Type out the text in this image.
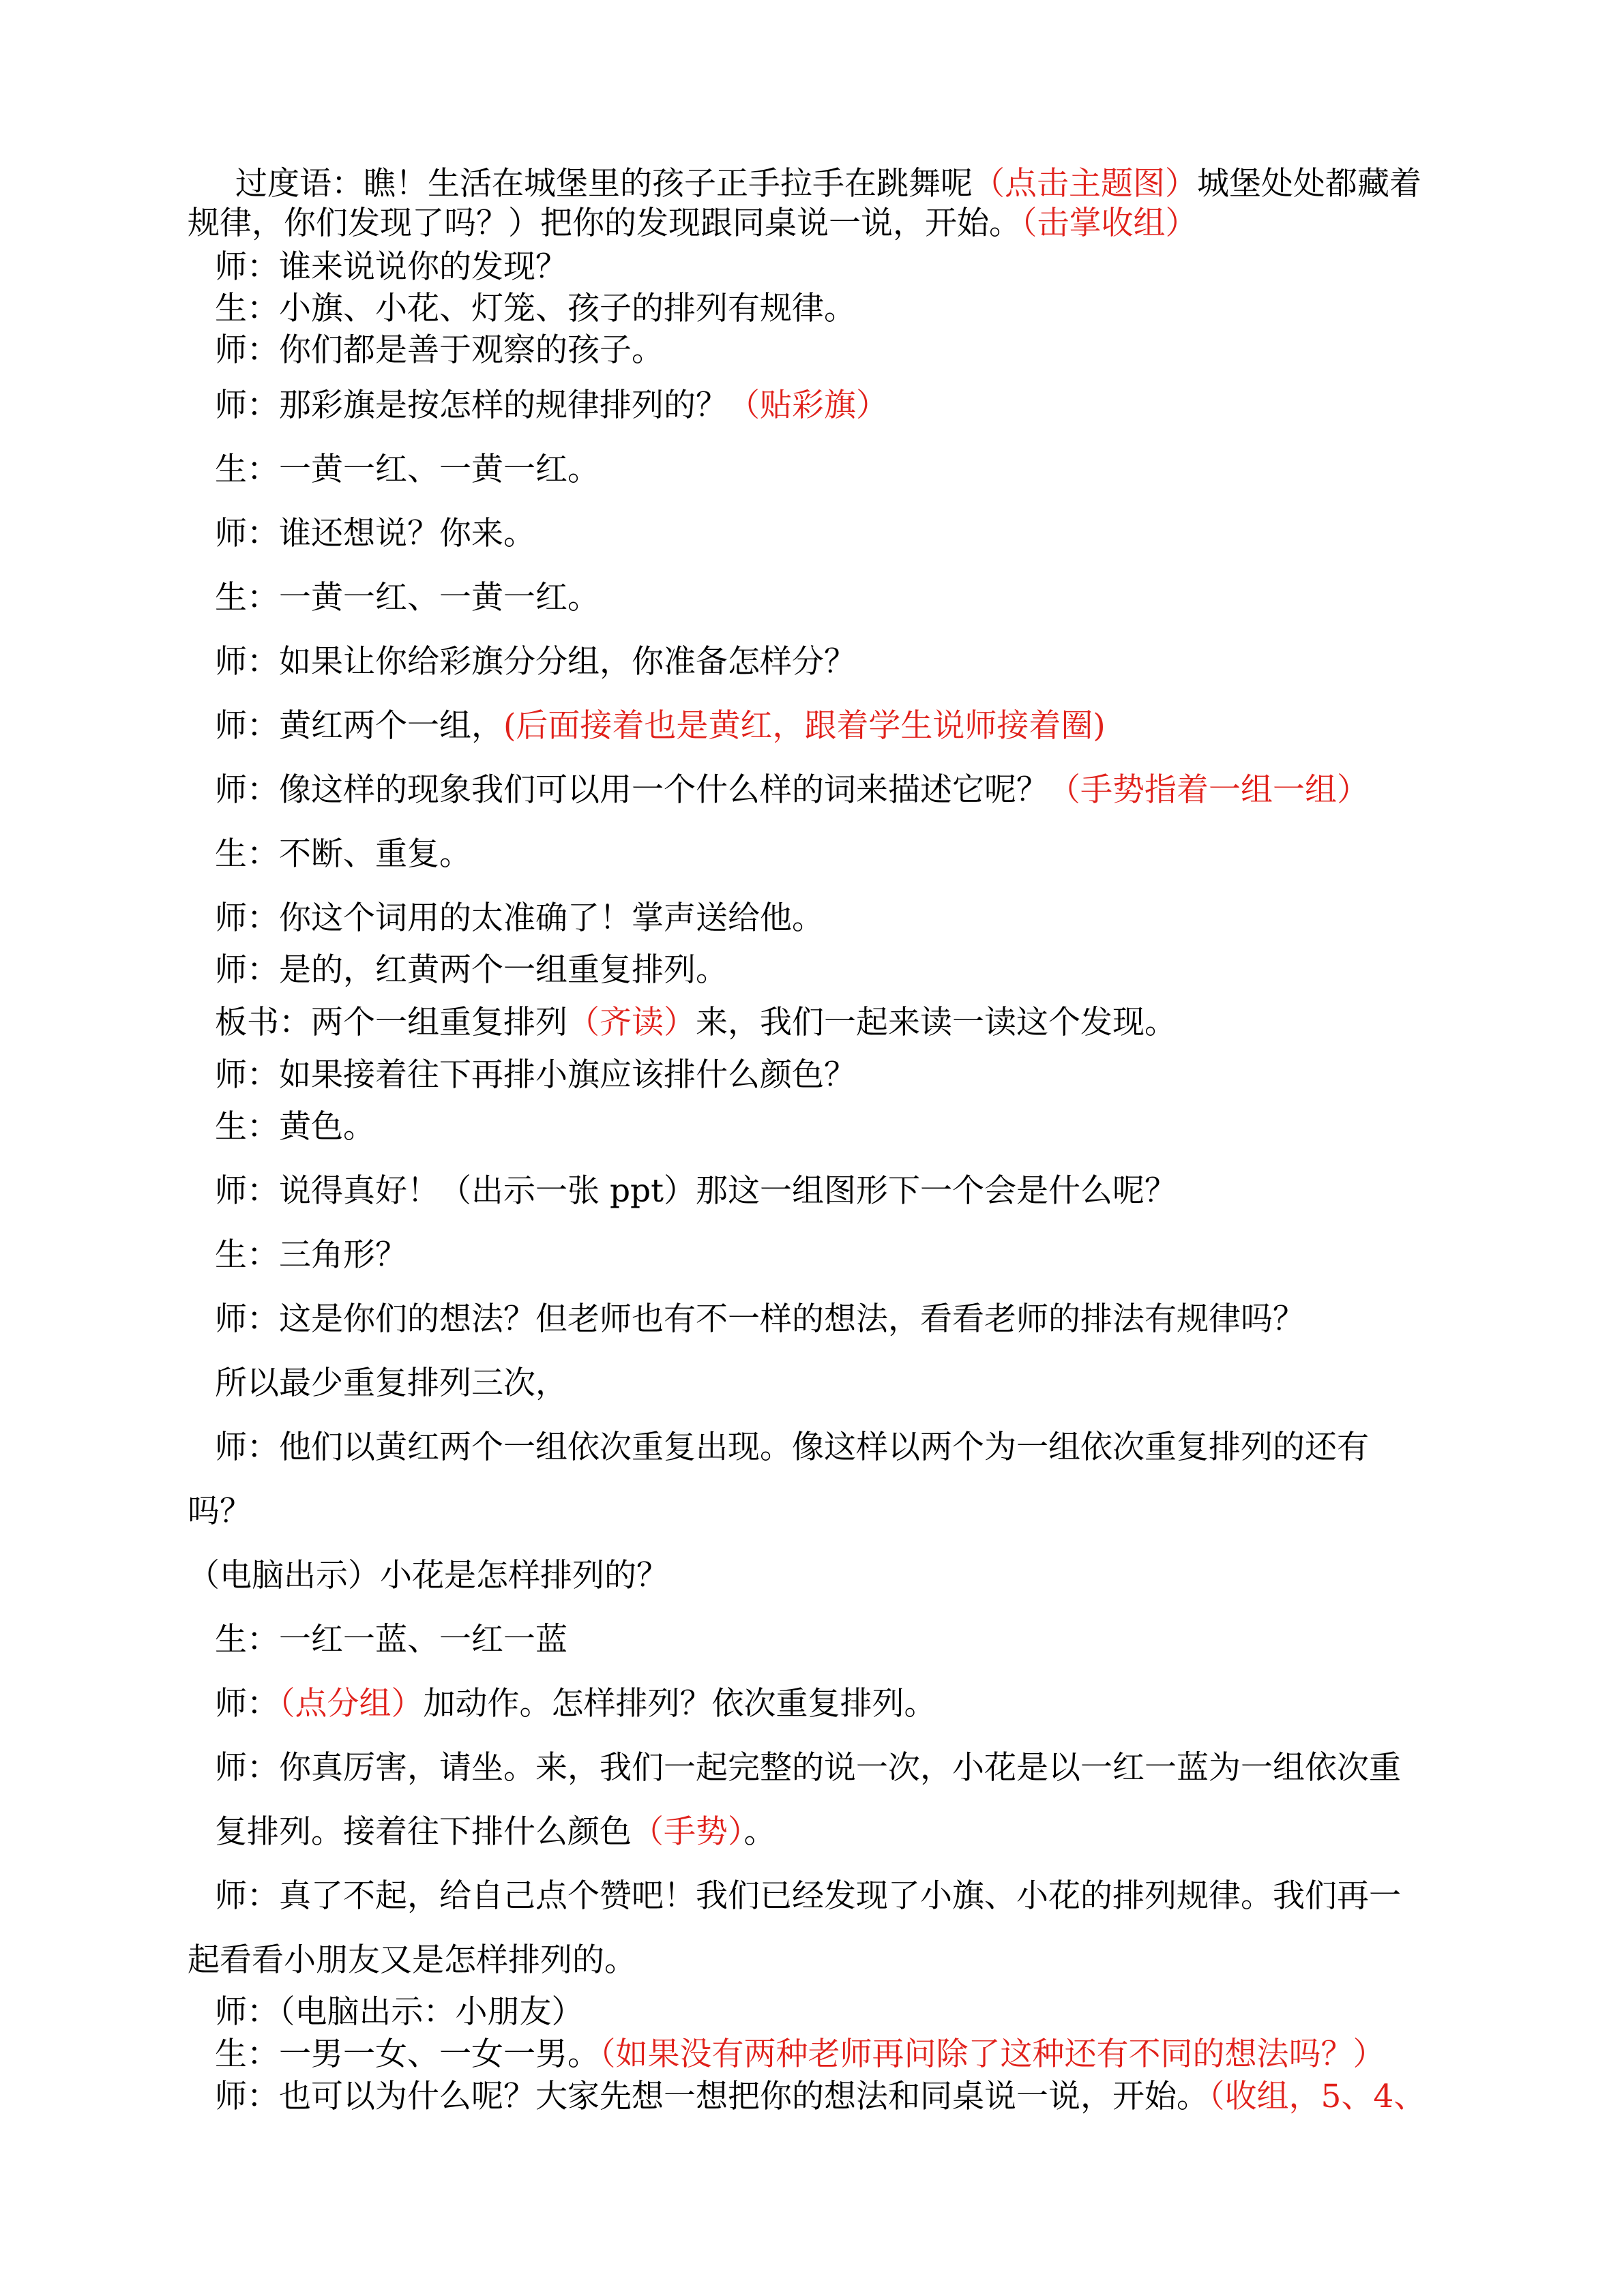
过度语：瞧！生活在城堡里的孩子正手拉手在跳舞呢（点击主题图）城堡处处都藏着
规律，你们发现了吗？）把你的发现跟同桌说一说，开始。（击掌收组）
师：谁来说说你的发现？
生：小旗、小花、灯笼、孩子的排列有规律。
师：你们都是善于观察的孩子。
师：那彩旗是按怎样的规律排列的？（贴彩旗）
生：一黄一红、一黄一红。
师：谁还想说？你来。
生：一黄一红、一黄一红。
师：如果让你给彩旗分分组，你准备怎样分？
师：黄红两个一组，(后面接着也是黄红，跟着学生说师接着圈)
师：像这样的现象我们可以用一个什么样的词来描述它呢？（手势指着一组一组）
生：不断、重复。
师：你这个词用的太准确了！掌声送给他。
师：是的，红黄两个一组重复排列。
板书：两个一组重复排列（齐读）来，我们一起来读一读这个发现。
师：如果接着往下再排小旗应该排什么颜色？
生：黄色。
师：说得真好！（出示一张 ppt）那这一组图形下一个会是什么呢？
生：三角形？
师：这是你们的想法？但老师也有不一样的想法，看看老师的排法有规律吗？
所以最少重复排列三次，
师：他们以黄红两个一组依次重复出现。像这样以两个为一组依次重复排列的还有
吗？
（电脑出示）小花是怎样排列的？
生：一红一蓝、一红一蓝
师：（点分组）加动作。怎样排列？依次重复排列。
师：你真厉害，请坐。来，我们一起完整的说一次，小花是以一红一蓝为一组依次重
复排列。接着往下排什么颜色（手势）。
师：真了不起，给自己点个赞吧！我们已经发现了小旗、小花的排列规律。我们再一
起看看小朋友又是怎样排列的。
师：（电脑出示：小朋友）
生：一男一女、一女一男。（如果没有两种老师再问除了这种还有不同的想法吗？）
师：也可以为什么呢？大家先想一想把你的想法和同桌说一说，开始。（收组，5、4、
